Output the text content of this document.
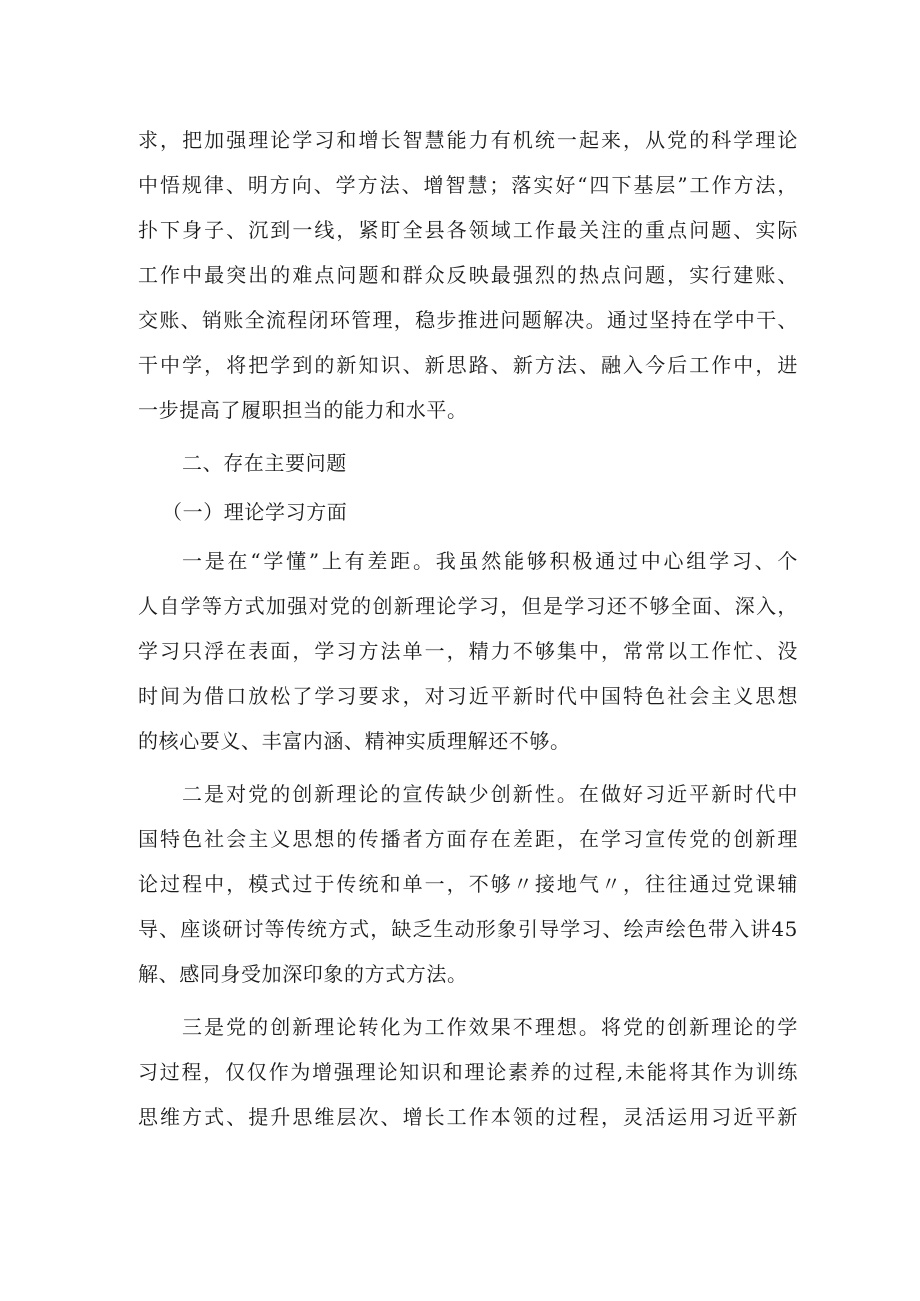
求，把加强理论学习和增长智慧能力有机统一起来，从党的科学理论
中悟规律、明方向、学方法、增智慧；落实好“四下基层”工作方法，
扑下身子、沉到一线，紧盯全县各领域工作最关注的重点问题、实际
工作中最突出的难点问题和群众反映最强烈的热点问题，实行建账、
交账、销账全流程闭环管理，稳步推进问题解决。通过坚持在学中干、
干中学，将把学到的新知识、新思路、新方法、融入今后工作中，进
一步提高了履职担当的能力和水平。
二、存在主要问题
（一）理论学习方面
一是在“学懂”上有差距。我虽然能够积极通过中心组学习、个
人自学等方式加强对党的创新理论学习，但是学习还不够全面、深入，
学习只浮在表面，学习方法单一，精力不够集中，常常以工作忙、没
时间为借口放松了学习要求，对习近平新时代中国特色社会主义思想
的核心要义、丰富内涵、精神实质理解还不够。
二是对党的创新理论的宣传缺少创新性。在做好习近平新时代中
国特色社会主义思想的传播者方面存在差距，在学习宣传党的创新理
论过程中，模式过于传统和单一，不够〃接地气〃，往往通过党课辅
导、座谈研讨等传统方式，缺乏生动形象引导学习、绘声绘色带入讲45
解、感同身受加深印象的方式方法。
三是党的创新理论转化为工作效果不理想。将党的创新理论的学
习过程，仅仅作为增强理论知识和理论素养的过程,未能将其作为训练
思维方式、提升思维层次、增长工作本领的过程，灵活运用习近平新
